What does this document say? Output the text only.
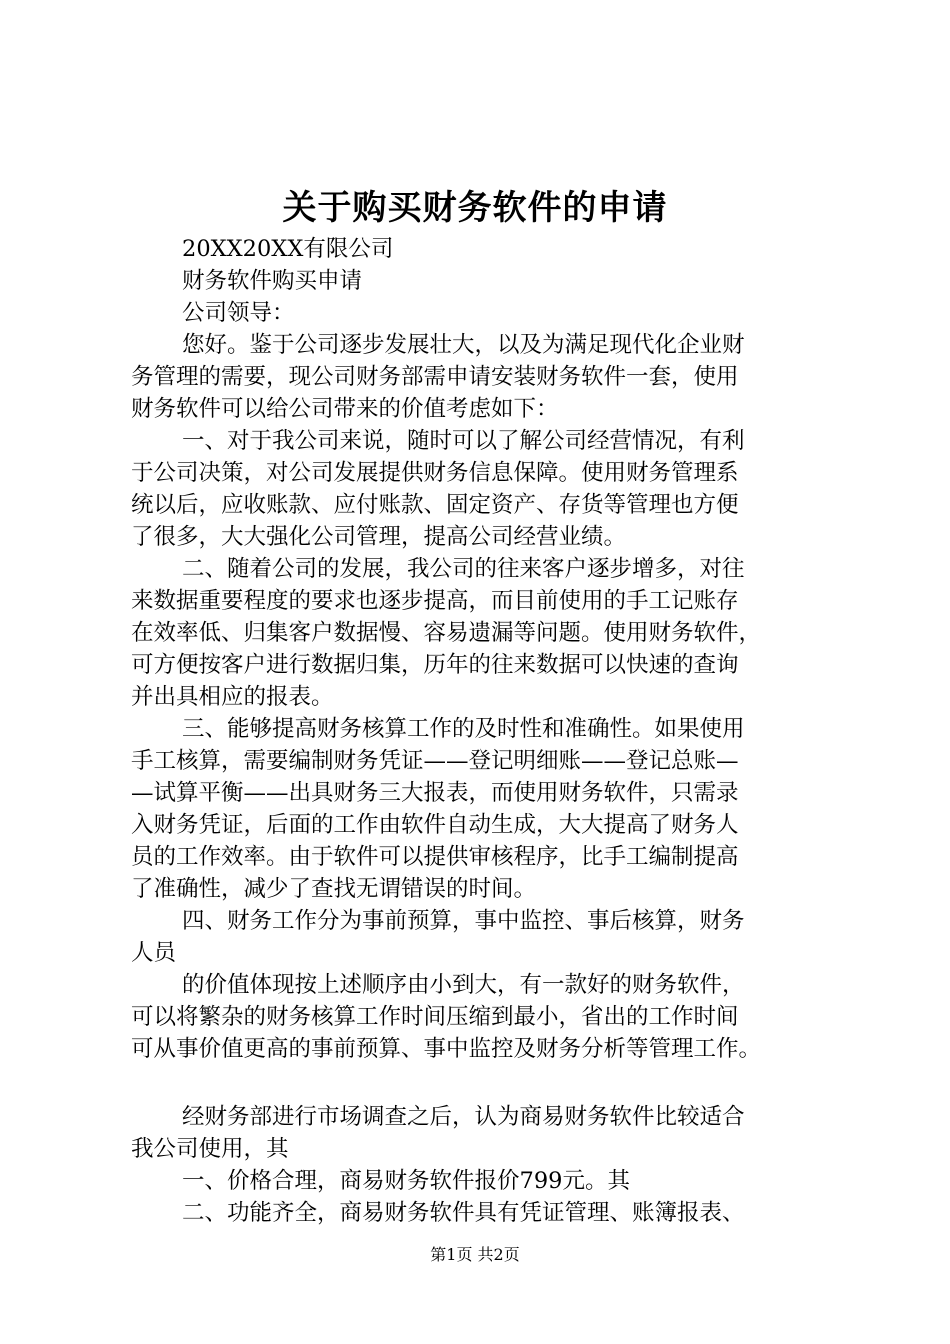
关于购买财务软件的申请
20XX20XX有限公司
财务软件购买申请
公司领导：
您好。鉴于公司逐步发展壮大，以及为满足现代化企业财
务管理的需要，现公司财务部需申请安装财务软件一套，使用
财务软件可以给公司带来的价值考虑如下：
一、对于我公司来说，随时可以了解公司经营情况，有利
于公司决策，对公司发展提供财务信息保障。使用财务管理系
统以后，应收账款、应付账款、固定资产、存货等管理也方便
了很多，大大强化公司管理，提高公司经营业绩。
二、随着公司的发展，我公司的往来客户逐步增多，对往
来数据重要程度的要求也逐步提高，而目前使用的手工记账存
在效率低、归集客户数据慢、容易遗漏等问题。使用财务软件，
可方便按客户进行数据归集，历年的往来数据可以快速的查询
并出具相应的报表。
三、能够提高财务核算工作的及时性和准确性。如果使用
手工核算，需要编制财务凭证——登记明细账——登记总账—
—试算平衡——出具财务三大报表，而使用财务软件，只需录
入财务凭证，后面的工作由软件自动生成，大大提高了财务人
员的工作效率。由于软件可以提供审核程序，比手工编制提高
了准确性，减少了查找无谓错误的时间。
四、财务工作分为事前预算，事中监控、事后核算，财务
人员
的价值体现按上述顺序由小到大，有一款好的财务软件，
可以将繁杂的财务核算工作时间压缩到最小，省出的工作时间
可从事价值更高的事前预算、事中监控及财务分析等管理工作。
经财务部进行市场调查之后，认为商易财务软件比较适合
我公司使用，其
一、价格合理，商易财务软件报价799元。其
二、功能齐全，商易财务软件具有凭证管理、账簿报表、
第1页 共2页
